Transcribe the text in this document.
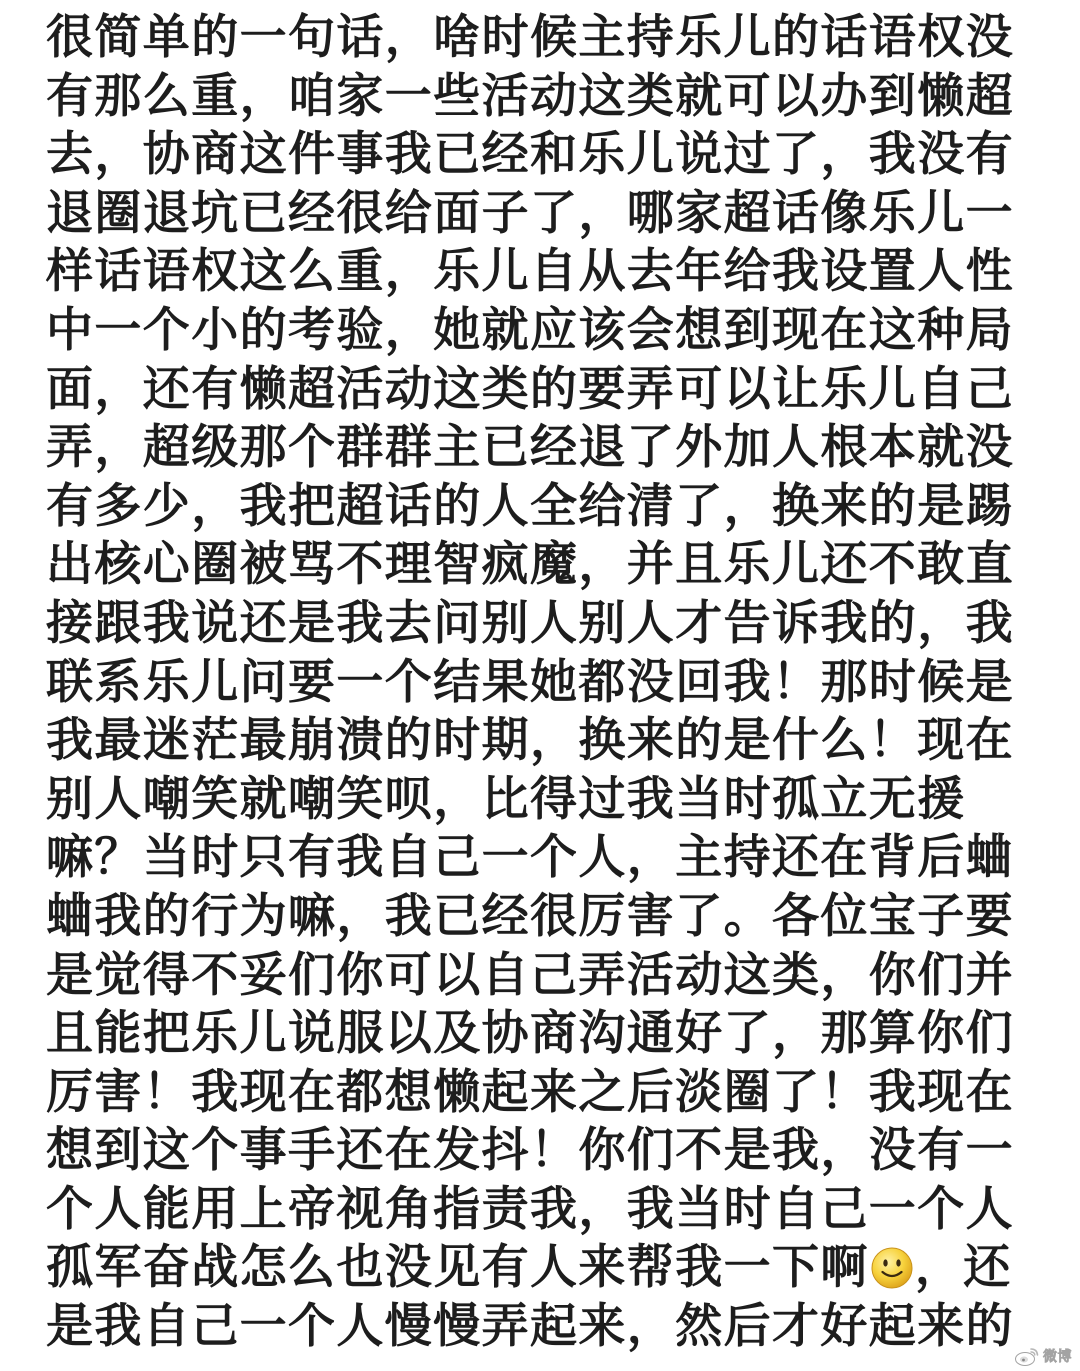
很简单的一句话，啥时候主持乐儿的话语权没
有那么重，咱家一些活动这类就可以办到懒超
去，协商这件事我已经和乐儿说过了，我没有
退圈退坑已经很给面子了，哪家超话像乐儿一
样话语权这么重，乐儿自从去年给我设置人性
中一个小的考验，她就应该会想到现在这种局
面，还有懒超活动这类的要弄可以让乐儿自己
弄，超级那个群群主已经退了外加人根本就没
有多少，我把超话的人全给清了，换来的是踢
出核心圈被骂不理智疯魔，并且乐儿还不敢直
接跟我说还是我去问别人别人才告诉我的，我
联系乐儿问要一个结果她都没回我！那时候是
我最迷茫最崩溃的时期，换来的是什么！现在
别人嘲笑就嘲笑呗，比得过我当时孤立无援
嘛？当时只有我自己一个人，主持还在背后蛐
蛐我的行为嘛，我已经很厉害了。各位宝子要
是觉得不妥们你可以自己弄活动这类，你们并
且能把乐儿说服以及协商沟通好了，那算你们
厉害！我现在都想懒起来之后淡圈了！我现在
想到这个事手还在发抖！你们不是我，没有一
个人能用上帝视角指责我，我当时自己一个人
孤军奋战怎么也没见有人来帮我一下啊 ，还
是我自己一个人慢慢弄起来，然后才好起来的
微博
